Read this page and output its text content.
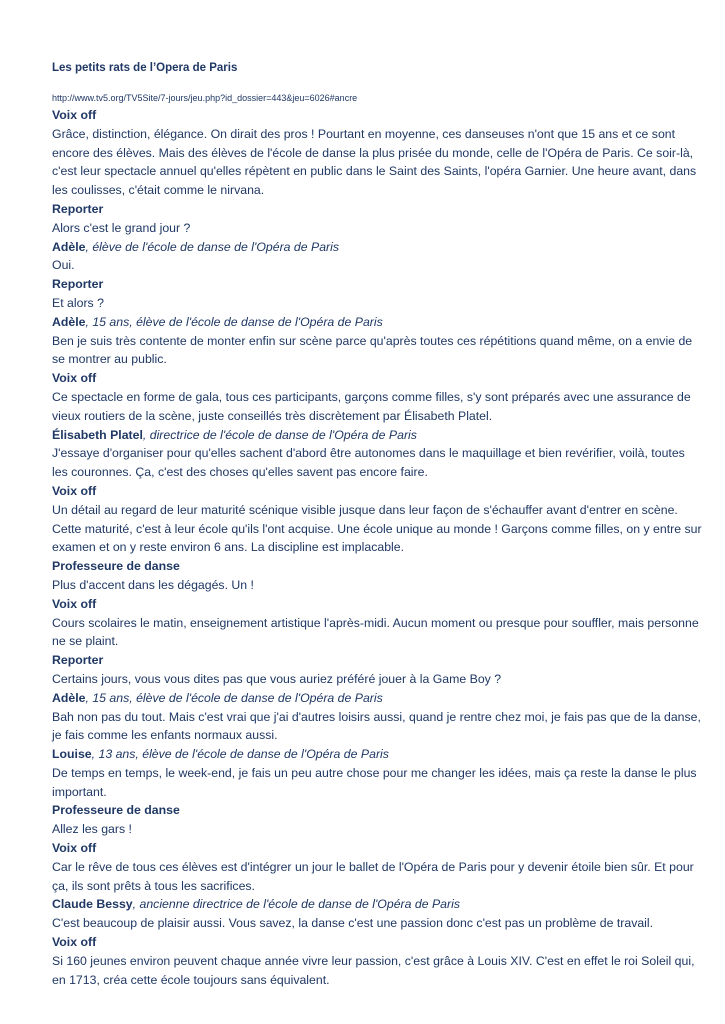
Les petits rats de l’Opera de Paris
http://www.tv5.org/TV5Site/7-jours/jeu.php?id_dossier=443&jeu=6026#ancre
Voix off

Grâce, distinction, élégance. On dirait des pros ! Pourtant en moyenne, ces danseuses n'ont que 15 ans et ce sont encore des élèves. Mais des élèves de l'école de danse la plus prisée du monde, celle de l'Opéra de Paris. Ce soir-là, c'est leur spectacle annuel qu'elles répètent en public dans le Saint des Saints, l'opéra Garnier. Une heure avant, dans les coulisses, c'était comme le nirvana.

Reporter

Alors c'est le grand jour ?

Adèle, élève de l'école de danse de l'Opéra de Paris

Oui.

Reporter

Et alors ?

Adèle, 15 ans, élève de l'école de danse de l'Opéra de Paris

Ben je suis très contente de monter enfin sur scène parce qu'après toutes ces répétitions quand même, on a envie de se montrer au public.

Voix off

Ce spectacle en forme de gala, tous ces participants, garçons comme filles, s'y sont préparés avec une assurance de vieux routiers de la scène, juste conseillés très discrètement par Élisabeth Platel.

Élisabeth Platel, directrice de l'école de danse de l'Opéra de Paris

J'essaye d'organiser pour qu'elles sachent d'abord être autonomes dans le maquillage et bien revérifier, voilà, toutes les couronnes. Ça, c'est des choses qu'elles savent pas encore faire.

Voix off

Un détail au regard de leur maturité scénique visible jusque dans leur façon de s'échauffer avant d'entrer en scène. Cette maturité, c'est à leur école qu'ils l'ont acquise. Une école unique au monde ! Garçons comme filles, on y entre sur examen et on y reste environ 6 ans. La discipline est implacable.

Professeure de danse

Plus d'accent dans les dégagés. Un !

Voix off

Cours scolaires le matin, enseignement artistique l'après-midi. Aucun moment ou presque pour souffler, mais personne ne se plaint.

Reporter

Certains jours, vous vous dites pas que vous auriez préféré jouer à la Game Boy ?

Adèle, 15 ans, élève de l'école de danse de l'Opéra de Paris

Bah non pas du tout. Mais c'est vrai que j'ai d'autres loisirs aussi, quand je rentre chez moi, je fais pas que de la danse, je fais comme les enfants normaux aussi.

Louise, 13 ans, élève de l'école de danse de l'Opéra de Paris

De temps en temps, le week-end, je fais un peu autre chose pour me changer les idées, mais ça reste la danse le plus important.

Professeure de danse

Allez les gars !

Voix off

Car le rêve de tous ces élèves est d'intégrer un jour le ballet de l'Opéra de Paris pour y devenir étoile bien sûr. Et pour ça, ils sont prêts à tous les sacrifices.

Claude Bessy, ancienne directrice de l'école de danse de l'Opéra de Paris

C'est beaucoup de plaisir aussi. Vous savez, la danse c'est une passion donc c'est pas un problème de travail.

Voix off

Si 160 jeunes environ peuvent chaque année vivre leur passion, c'est grâce à Louis XIV. C'est en effet le roi Soleil qui, en 1713, créa cette école toujours sans équivalent.
